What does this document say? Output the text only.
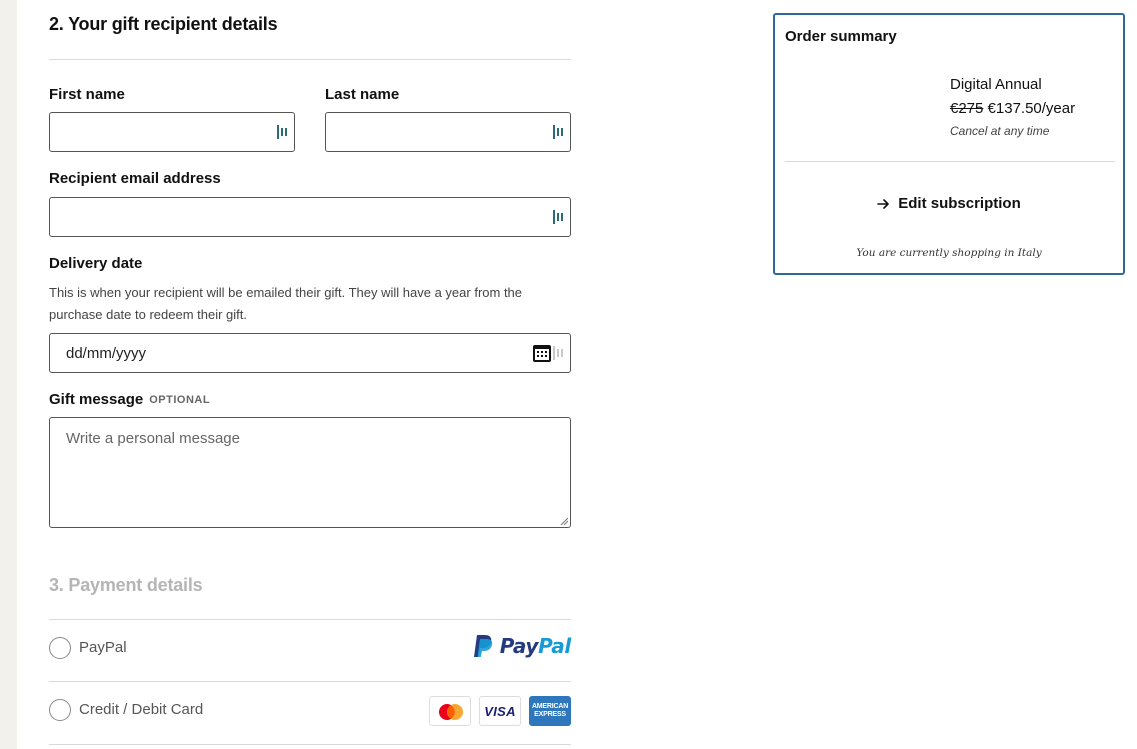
2. Your gift recipient details
First name	Last name
Recipient email address
Delivery date
This is when your recipient will be emailed their gift. They will have a year from the purchase date to redeem their gift.
dd/mm/yyyy
Gift message OPTIONAL
Write a personal message
3. Payment details
PayPal	PayPal
Credit / Debit Card	VISA	AMERICAN
EXPRESS
Order summary
Digital Annual
€275 €137.50/year
Cancel at any time
Edit subscription
You are currently shopping in Italy
